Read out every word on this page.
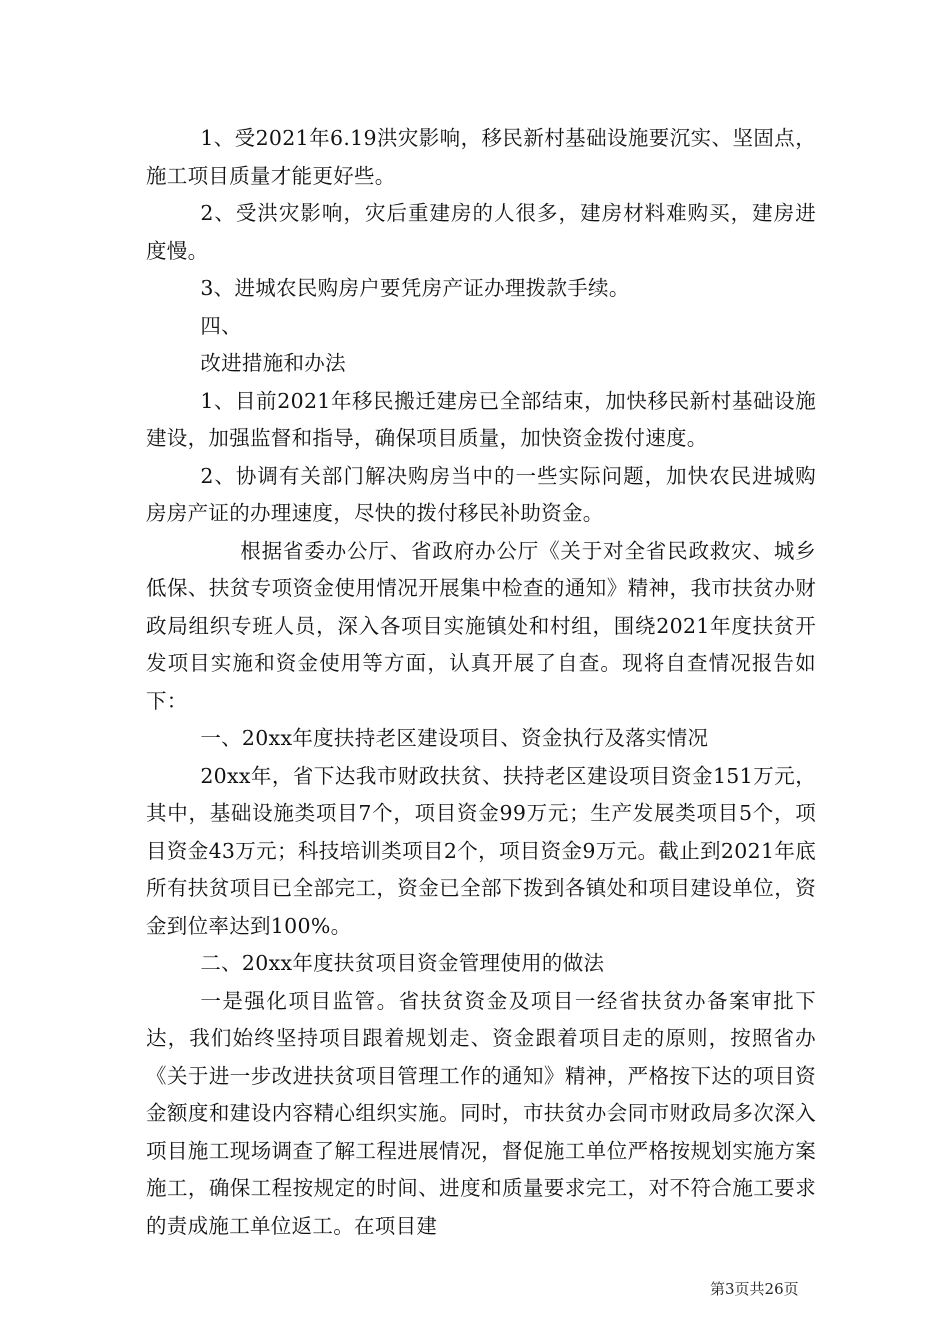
1、受2021年6.19洪灾影响，移民新村基础设施要沉实、坚固点，施工项目质量才能更好些。

2、受洪灾影响，灾后重建房的人很多，建房材料难购买，建房进度慢。

3、进城农民购房户要凭房产证办理拨款手续。

四、

改进措施和办法

1、目前2021年移民搬迁建房已全部结束，加快移民新村基础设施建设，加强监督和指导，确保项目质量，加快资金拨付速度。

2、协调有关部门解决购房当中的一些实际问题，加快农民进城购房房产证的办理速度，尽快的拨付移民补助资金。

根据省委办公厅、省政府办公厅《关于对全省民政救灾、城乡低保、扶贫专项资金使用情况开展集中检查的通知》精神，我市扶贫办财政局组织专班人员，深入各项目实施镇处和村组，围绕2021年度扶贫开发项目实施和资金使用等方面，认真开展了自查。现将自查情况报告如下：

一、20xx年度扶持老区建设项目、资金执行及落实情况

20xx年，省下达我市财政扶贫、扶持老区建设项目资金151万元，其中，基础设施类项目7个，项目资金99万元；生产发展类项目5个，项目资金43万元；科技培训类项目2个，项目资金9万元。截止到2021年底所有扶贫项目已全部完工，资金已全部下拨到各镇处和项目建设单位，资金到位率达到100%。

二、20xx年度扶贫项目资金管理使用的做法

一是强化项目监管。省扶贫资金及项目一经省扶贫办备案审批下达，我们始终坚持项目跟着规划走、资金跟着项目走的原则，按照省办《关于进一步改进扶贫项目管理工作的通知》精神，严格按下达的项目资金额度和建设内容精心组织实施。同时，市扶贫办会同市财政局多次深入项目施工现场调查了解工程进展情况，督促施工单位严格按规划实施方案施工，确保工程按规定的时间、进度和质量要求完工，对不符合施工要求的责成施工单位返工。在项目建

第3页共26页
